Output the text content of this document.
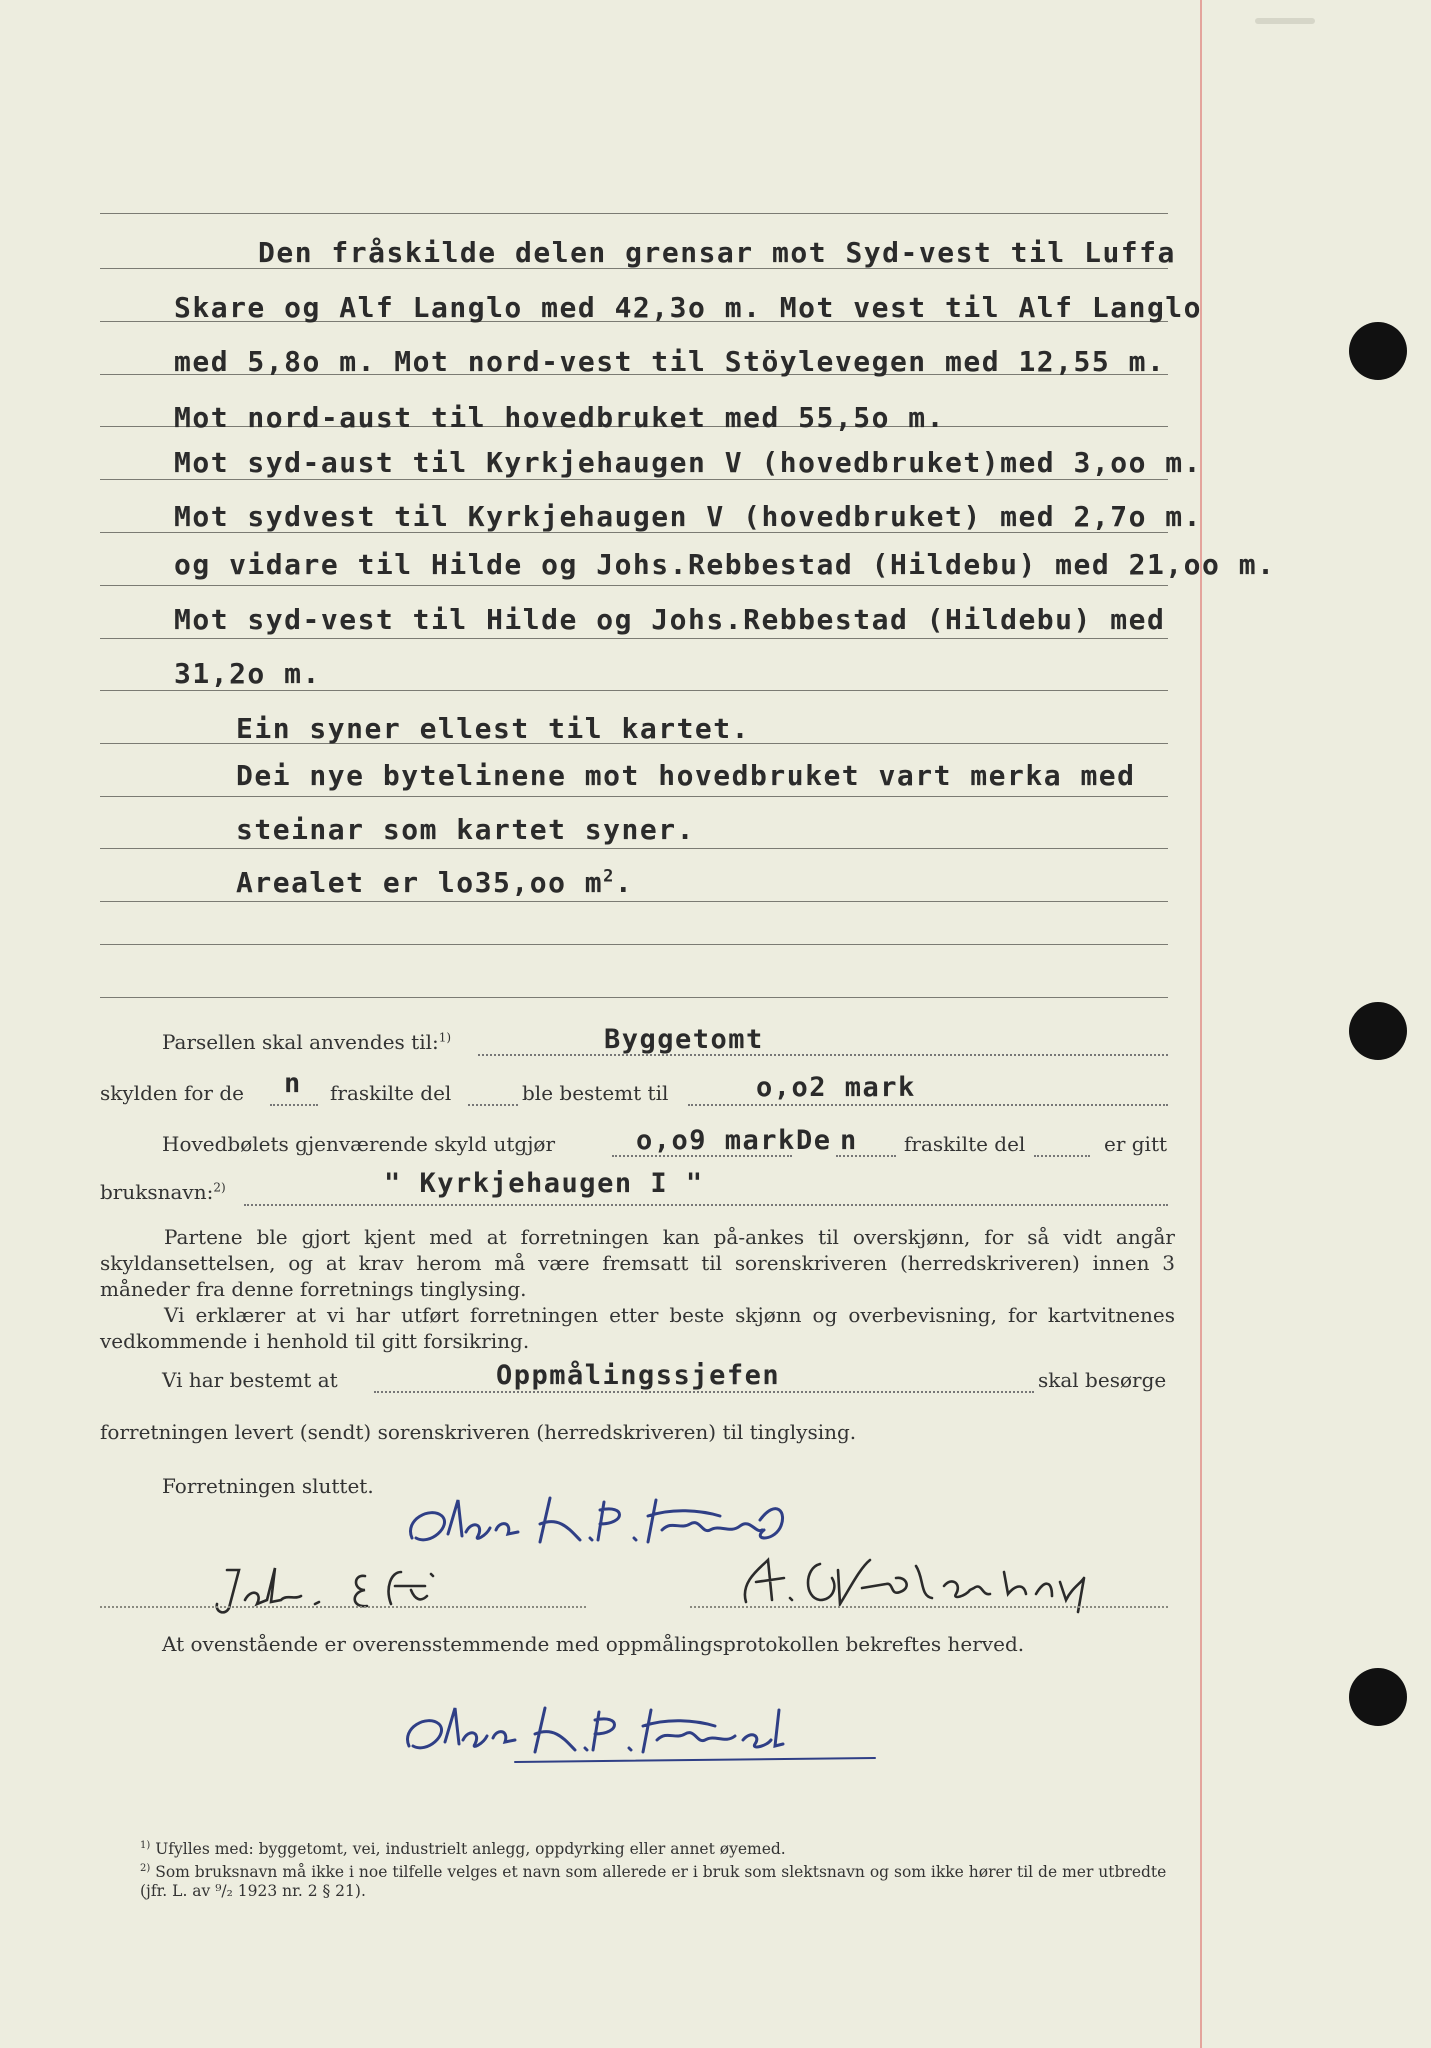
Den fråskilde delen grensar mot Syd-vest til Luffa
Skare og Alf Langlo med 42,3o m. Mot vest til Alf Langlo
med 5,8o m. Mot nord-vest til Stöylevegen med 12,55 m.
Mot nord-aust til hovedbruket med 55,5o m.
Mot syd-aust til Kyrkjehaugen V (hovedbruket)med 3,oo m.
Mot sydvest til Kyrkjehaugen V (hovedbruket) med 2,7o m.
og vidare til Hilde og Johs.Rebbestad (Hildebu) med 21,oo m.
Mot syd-vest til Hilde og Johs.Rebbestad (Hildebu) med
31,2o m.
Ein syner ellest til kartet.
Dei nye bytelinene mot hovedbruket vart merka med
steinar som kartet syner.
Arealet er lo35,oo $m^2$.
Parsellen skal anvendes til:$^{1)}$	Byggetomt
skylden for de n fraskilte del	ble bestemt til	o,o2 mark
Hovedbølets gjenværende skyld utgjør	o,o9 mark De n fraskilte del	er gitt
bruksnavn:$^{2)}$	" Kyrkjehaugen I "

Partene ble gjort kjent med at forretningen kan på-ankes til overskjønn, for så vidt angår skyldansettelsen, og at krav herom må være fremsatt til sorenskriveren (herredskriveren) innen 3 måneder fra denne forretnings tinglysing.

Vi erklærer at vi har utført forretningen etter beste skjønn og overbevisning, for kartvitnenes vedkommende i henhold til gitt forsikring.

Vi har bestemt at	Oppmålingssjefen	skal besørge
forretningen levert (sendt) sorenskriveren (herredskriveren) til tinglysing.
Forretningen sluttet.
At ovenstående er overensstemmende med oppmålingsprotokollen bekreftes herved.

$^{1)}$ Ufylles med: byggetomt, vei, industrielt anlegg, oppdyrking eller annet øyemed.

$^{2)}$ Som bruksnavn må ikke i noe tilfelle velges et navn som allerede er i bruk som slektsnavn og som ikke hører til de mer utbredte (jfr. L. av ⁹/₂ 1923 nr. 2 § 21).
